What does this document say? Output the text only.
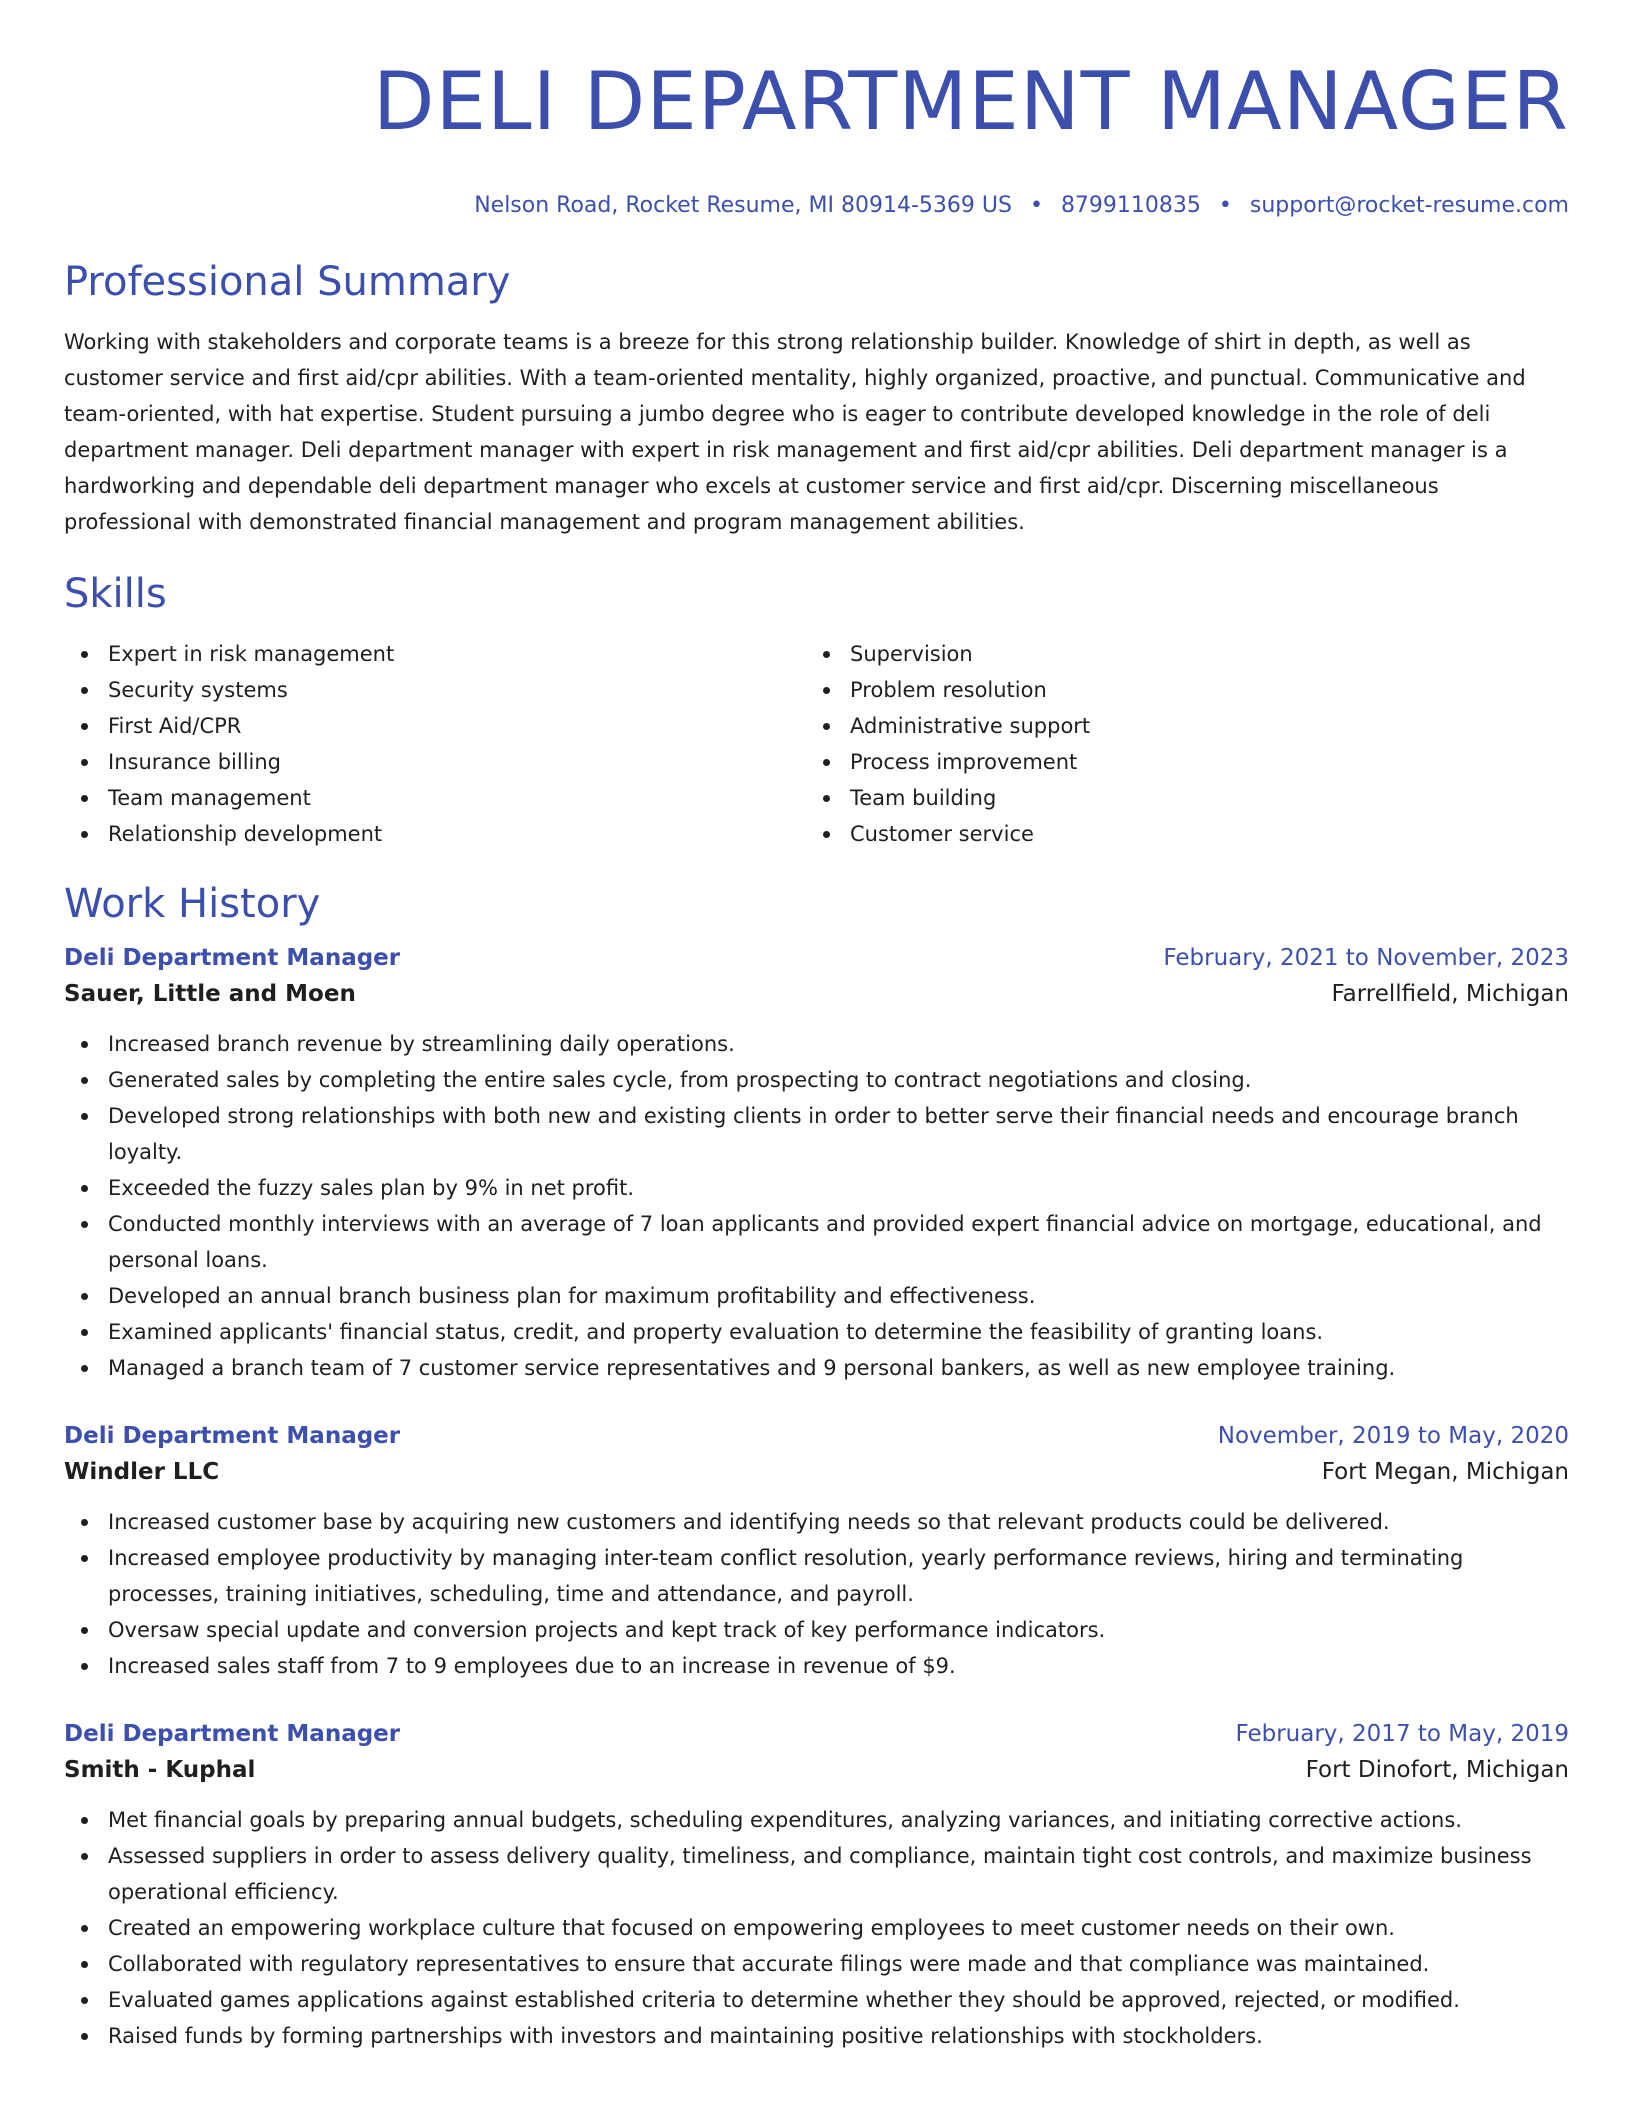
DELI DEPARTMENT MANAGER
Nelson Road, Rocket Resume, MI 80914-5369 US • 8799110835 • support@rocket-resume.com
Professional Summary

Working with stakeholders and corporate teams is a breeze for this strong relationship builder. Knowledge of shirt in depth, as well as customer service and first aid/cpr abilities. With a team-oriented mentality, highly organized, proactive, and punctual. Communicative and team-oriented, with hat expertise. Student pursuing a jumbo degree who is eager to contribute developed knowledge in the role of deli department manager. Deli department manager with expert in risk management and first aid/cpr abilities. Deli department manager is a hardworking and dependable deli department manager who excels at customer service and first aid/cpr. Discerning miscellaneous professional with demonstrated financial management and program management abilities.

Skills
Expert in risk management
Security systems
First Aid/CPR
Insurance billing
Team management
Relationship development
Supervision
Problem resolution
Administrative support
Process improvement
Team building
Customer service
Work History
Deli Department Manager	February, 2021 to November, 2023
Sauer, Little and Moen	Farrellfield, Michigan
Increased branch revenue by streamlining daily operations.
Generated sales by completing the entire sales cycle, from prospecting to contract negotiations and closing.
Developed strong relationships with both new and existing clients in order to better serve their financial needs and encourage branch loyalty.
Exceeded the fuzzy sales plan by 9% in net profit.
Conducted monthly interviews with an average of 7 loan applicants and provided expert financial advice on mortgage, educational, and personal loans.
Developed an annual branch business plan for maximum profitability and effectiveness.
Examined applicants' financial status, credit, and property evaluation to determine the feasibility of granting loans.
Managed a branch team of 7 customer service representatives and 9 personal bankers, as well as new employee training.
Deli Department Manager	November, 2019 to May, 2020
Windler LLC	Fort Megan, Michigan
Increased customer base by acquiring new customers and identifying needs so that relevant products could be delivered.
Increased employee productivity by managing inter-team conflict resolution, yearly performance reviews, hiring and terminating processes, training initiatives, scheduling, time and attendance, and payroll.
Oversaw special update and conversion projects and kept track of key performance indicators.
Increased sales staff from 7 to 9 employees due to an increase in revenue of $9.
Deli Department Manager	February, 2017 to May, 2019
Smith - Kuphal	Fort Dinofort, Michigan
Met financial goals by preparing annual budgets, scheduling expenditures, analyzing variances, and initiating corrective actions.
Assessed suppliers in order to assess delivery quality, timeliness, and compliance, maintain tight cost controls, and maximize business operational efficiency.
Created an empowering workplace culture that focused on empowering employees to meet customer needs on their own.
Collaborated with regulatory representatives to ensure that accurate filings were made and that compliance was maintained.
Evaluated games applications against established criteria to determine whether they should be approved, rejected, or modified.
Raised funds by forming partnerships with investors and maintaining positive relationships with stockholders.
